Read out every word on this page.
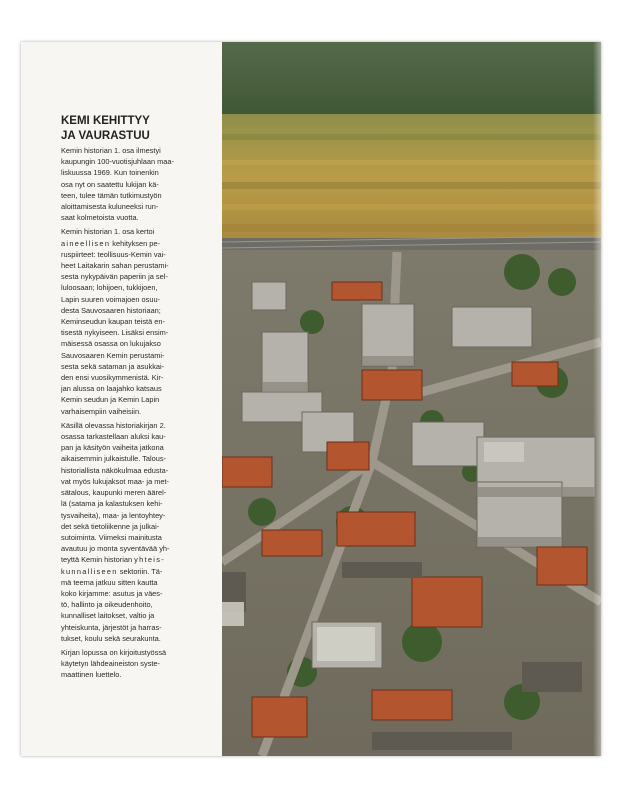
KEMI KEHITTYY
JA VAURASTUU

Kemin historian 1. osa ilmestyi
kaupungin 100-vuotisjuhlaan maa-
liskuussa 1969. Kun toinenkin
osa nyt on saatettu lukijan kä-
teen, tulee tämän tutkimustyön
aloittamisesta kuluneeksi run-
saat kolmetoista vuotta.

Kemin historian 1. osa kertoi
aineellisen kehityksen pe-
ruspiirteet: teollisuus-Kemin vai-
heet Laitakarin sahan perustami-
sesta nykypäivän paperiin ja sel-
luloosaan; lohijoen, tukkijoen,
Lapin suuren voimajoen osuu-
desta Sauvosaaren historiaan;
Keminseudun kaupan teistä en-
tisestä nykyiseen. Lisäksi ensim-
mäisessä osassa on lukujakso
Sauvosaaren Kemin perustami-
sesta sekä sataman ja asukkai-
den ensi vuosikymmenistä. Kir-
jan alussa on laajahko katsaus
Kemin seudun ja Kemin Lapin
varhaisempiin vaiheisiin.

Käsillä olevassa historiakirjan 2.
osassa tarkastellaan aluksi kau-
pan ja käsityön vaiheita jatkona
aikaisemmin julkaistulle. Talous-
historiallista näkökulmaa edusta-
vat myös lukujaksot maa- ja met-
sätalous, kaupunki meren äärel-
lä (satama ja kalastuksen kehi-
tysvaiheita), maa- ja lentoyhtey-
det sekä tietoliikenne ja julkai-
sutoiminta. Viimeksi mainitusta
avautuu jo monta syventävää yh-
teyttä Kemin historian yhteis-
kunnalliseen sektoriin. Tä-
mä teema jatkuu sitten kautta
koko kirjamme: asutus ja väes-
tö, hallinto ja oikeudenhoito,
kunnalliset laitokset, valtio ja
yhteiskunta, järjestöt ja harras-
tukset, koulu sekä seurakunta.

Kirjan lopussa on kirjoitustyössä
käytetyn lähdeaineiston syste-
maattinen luettelo.
